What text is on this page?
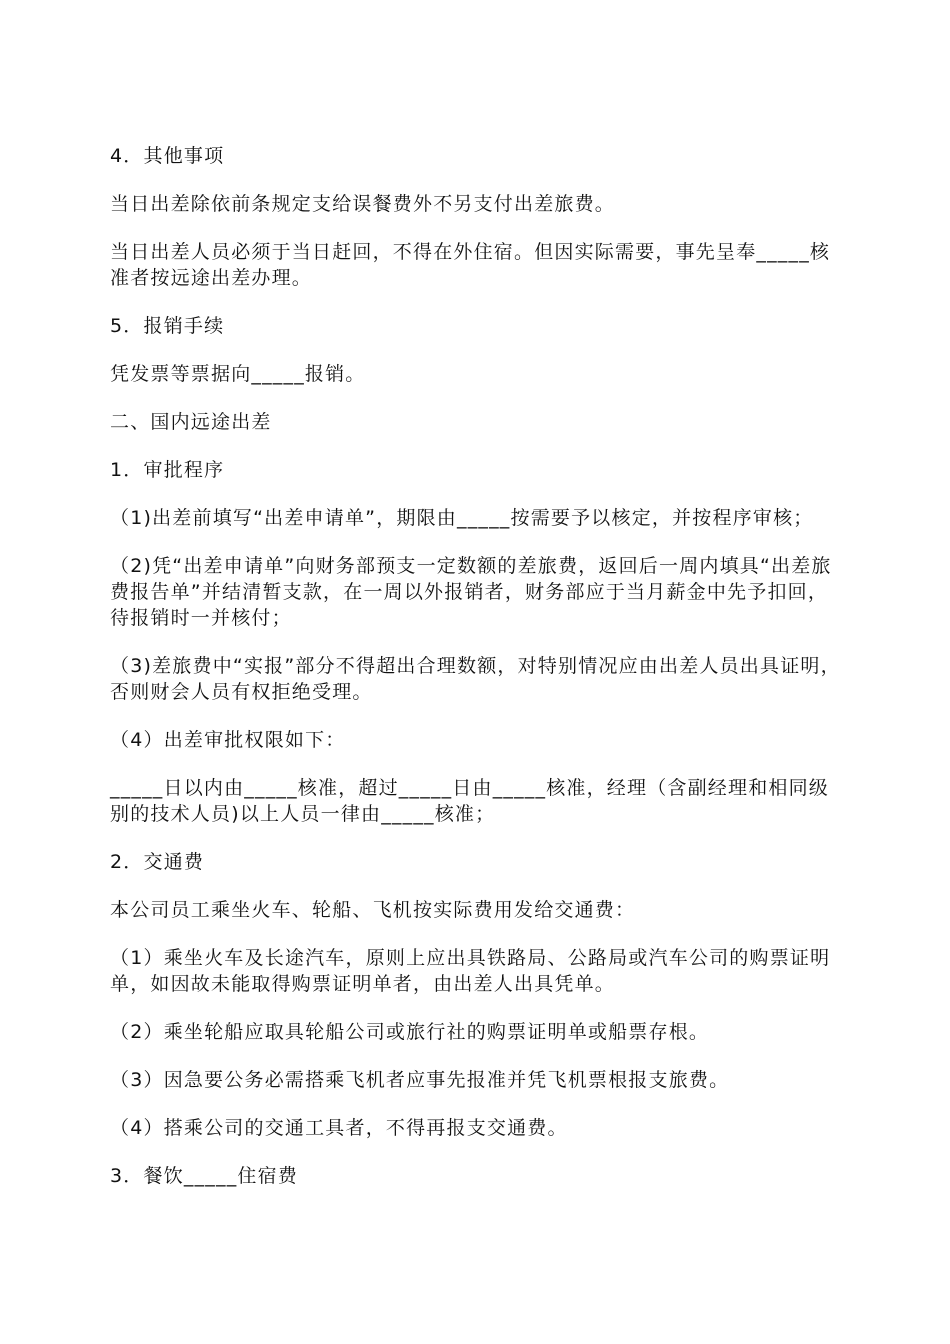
4．其他事项

当日出差除依前条规定支给误餐费外不另支付出差旅费。

当日出差人员必须于当日赶回，不得在外住宿。但因实际需要，事先呈奉_____核准者按远途出差办理。

5．报销手续

凭发票等票据向_____报销。

二、国内远途出差

1．审批程序

（1)出差前填写“出差申请单”，期限由_____按需要予以核定，并按程序审核；

（2)凭“出差申请单”向财务部预支一定数额的差旅费，返回后一周内填具“出差旅费报告单”并结清暂支款，在一周以外报销者，财务部应于当月薪金中先予扣回，待报销时一并核付；

（3)差旅费中“实报”部分不得超出合理数额，对特别情况应由出差人员出具证明，否则财会人员有权拒绝受理。

（4）出差审批权限如下：

_____日以内由_____核准，超过_____日由_____核准，经理（含副经理和相同级别的技术人员)以上人员一律由_____核准；

2．交通费

本公司员工乘坐火车、轮船、飞机按实际费用发给交通费：

（1）乘坐火车及长途汽车，原则上应出具铁路局、公路局或汽车公司的购票证明单，如因故未能取得购票证明单者，由出差人出具凭单。

（2）乘坐轮船应取具轮船公司或旅行社的购票证明单或船票存根。

（3）因急要公务必需搭乘飞机者应事先报准并凭飞机票根报支旅费。

（4）搭乘公司的交通工具者，不得再报支交通费。

3．餐饮_____住宿费
